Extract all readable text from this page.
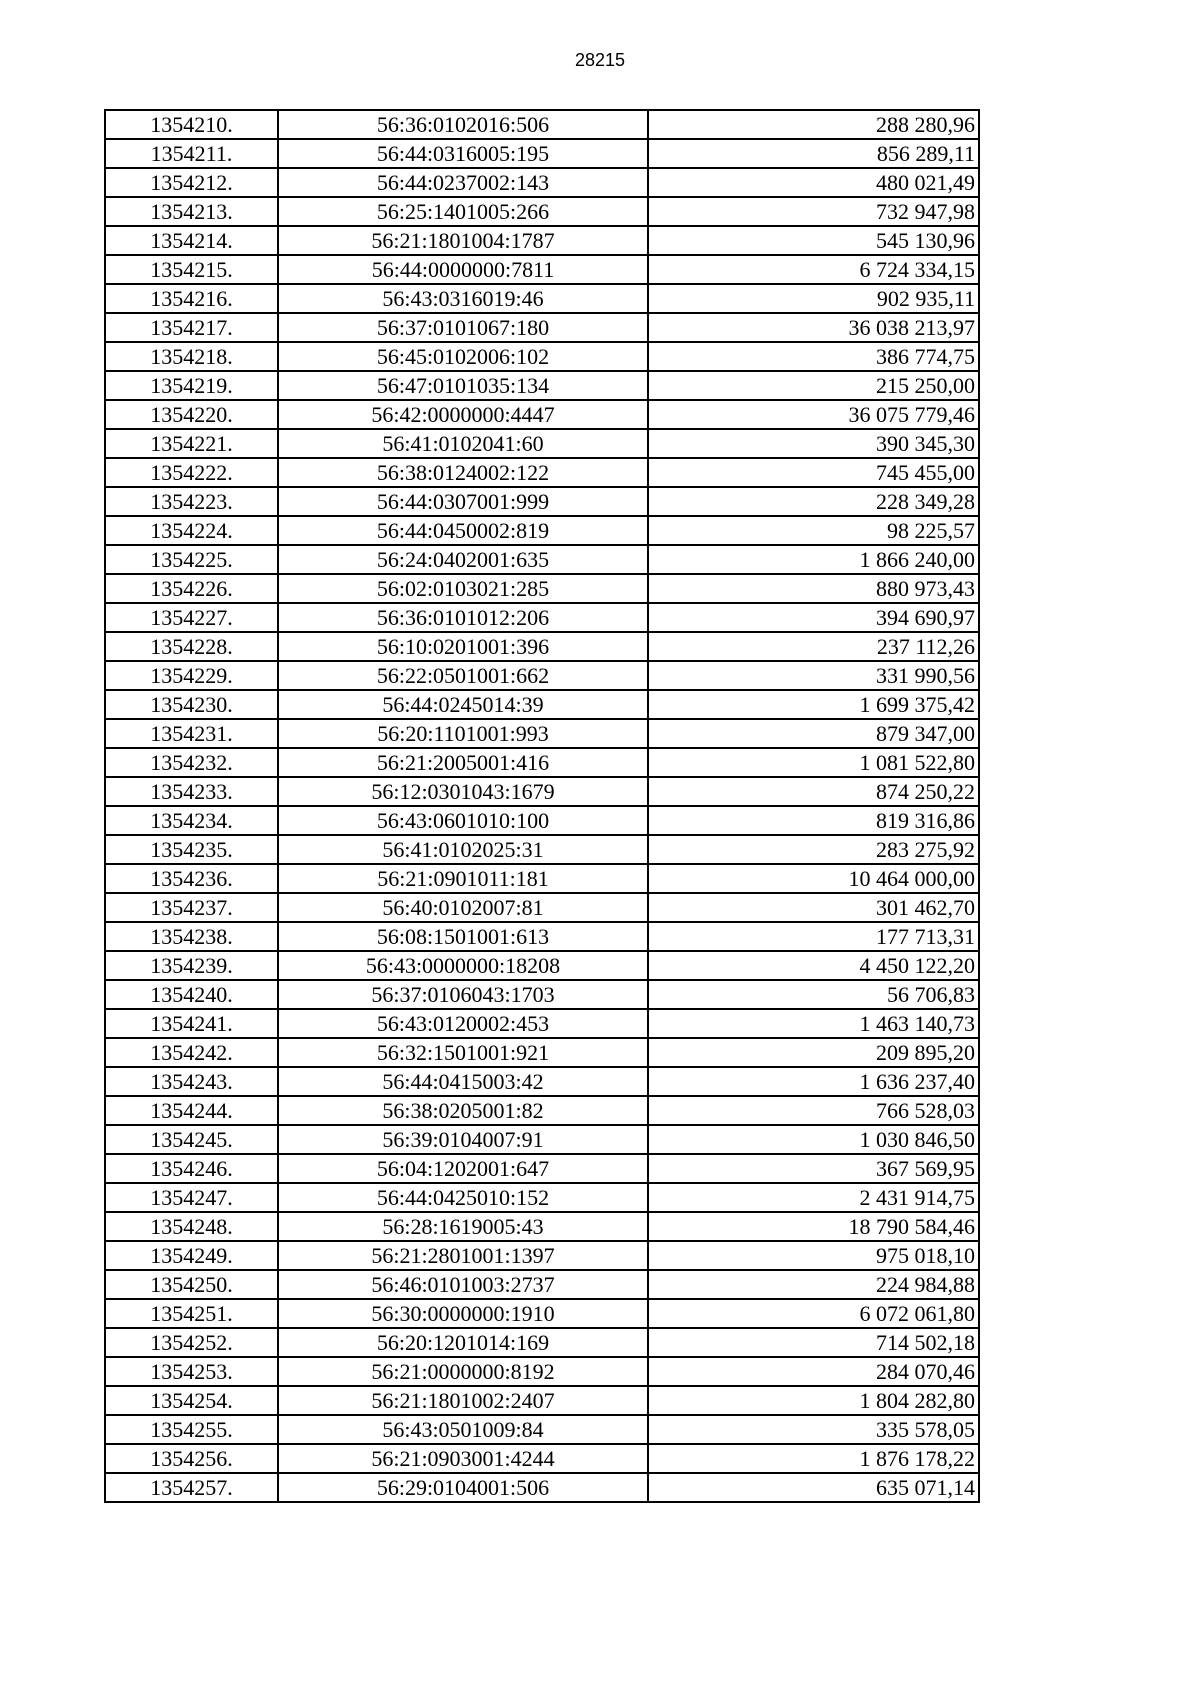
28215
1354210.	56:36:0102016:506	288 280,96
1354211.	56:44:0316005:195	856 289,11
1354212.	56:44:0237002:143	480 021,49
1354213.	56:25:1401005:266	732 947,98
1354214.	56:21:1801004:1787	545 130,96
1354215.	56:44:0000000:7811	6 724 334,15
1354216.	56:43:0316019:46	902 935,11
1354217.	56:37:0101067:180	36 038 213,97
1354218.	56:45:0102006:102	386 774,75
1354219.	56:47:0101035:134	215 250,00
1354220.	56:42:0000000:4447	36 075 779,46
1354221.	56:41:0102041:60	390 345,30
1354222.	56:38:0124002:122	745 455,00
1354223.	56:44:0307001:999	228 349,28
1354224.	56:44:0450002:819	98 225,57
1354225.	56:24:0402001:635	1 866 240,00
1354226.	56:02:0103021:285	880 973,43
1354227.	56:36:0101012:206	394 690,97
1354228.	56:10:0201001:396	237 112,26
1354229.	56:22:0501001:662	331 990,56
1354230.	56:44:0245014:39	1 699 375,42
1354231.	56:20:1101001:993	879 347,00
1354232.	56:21:2005001:416	1 081 522,80
1354233.	56:12:0301043:1679	874 250,22
1354234.	56:43:0601010:100	819 316,86
1354235.	56:41:0102025:31	283 275,92
1354236.	56:21:0901011:181	10 464 000,00
1354237.	56:40:0102007:81	301 462,70
1354238.	56:08:1501001:613	177 713,31
1354239.	56:43:0000000:18208	4 450 122,20
1354240.	56:37:0106043:1703	56 706,83
1354241.	56:43:0120002:453	1 463 140,73
1354242.	56:32:1501001:921	209 895,20
1354243.	56:44:0415003:42	1 636 237,40
1354244.	56:38:0205001:82	766 528,03
1354245.	56:39:0104007:91	1 030 846,50
1354246.	56:04:1202001:647	367 569,95
1354247.	56:44:0425010:152	2 431 914,75
1354248.	56:28:1619005:43	18 790 584,46
1354249.	56:21:2801001:1397	975 018,10
1354250.	56:46:0101003:2737	224 984,88
1354251.	56:30:0000000:1910	6 072 061,80
1354252.	56:20:1201014:169	714 502,18
1354253.	56:21:0000000:8192	284 070,46
1354254.	56:21:1801002:2407	1 804 282,80
1354255.	56:43:0501009:84	335 578,05
1354256.	56:21:0903001:4244	1 876 178,22
1354257.	56:29:0104001:506	635 071,14
